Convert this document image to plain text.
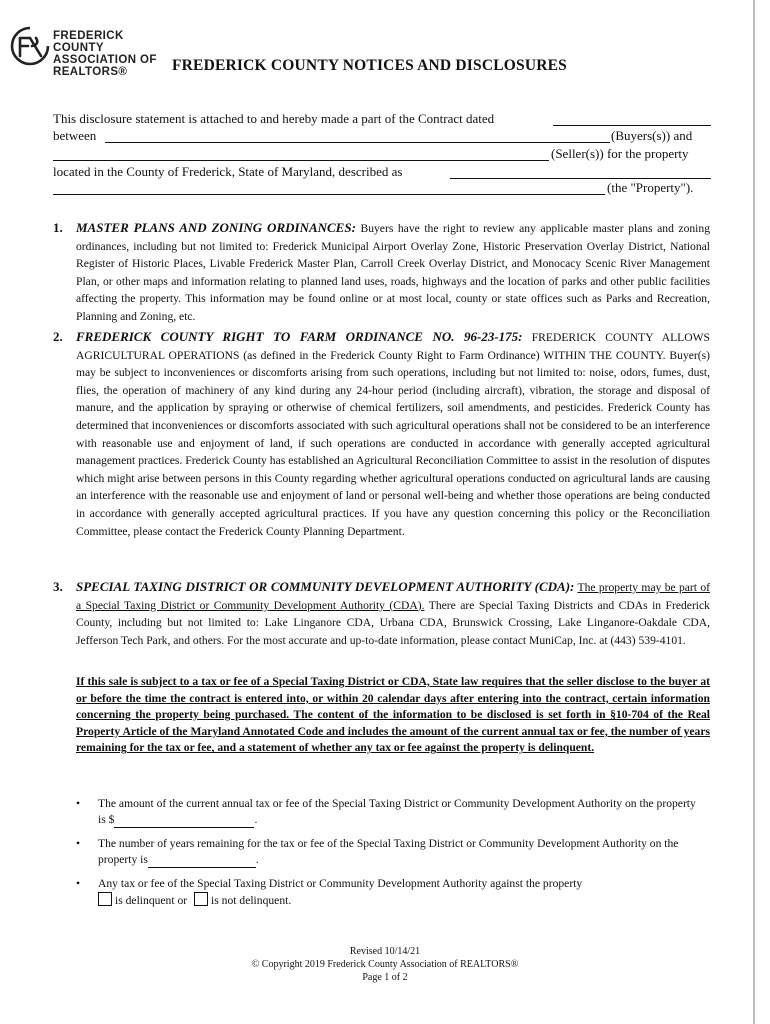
FREDERICK
COUNTY
ASSOCIATION OF
REALTORS®	FREDERICK COUNTY NOTICES AND DISCLOSURES
This disclosure statement is attached to and hereby made a part of the Contract dated
between	(Buyers(s)) and
(Seller(s)) for the property
located in the County of Frederick, State of Maryland, described as
(the "Property").
1. MASTER PLANS AND ZONING ORDINANCES: Buyers have the right to review any applicable master plans and zoning ordinances, including but not limited to: Frederick Municipal Airport Overlay Zone, Historic Preservation Overlay District, National Register of Historic Places, Livable Frederick Master Plan, Carroll Creek Overlay District, and Monocacy Scenic River Management Plan, or other maps and information relating to planned land uses, roads, highways and the location of parks and other public facilities affecting the property. This information may be found online or at most local, county or state offices such as Parks and Recreation, Planning and Zoning, etc.
2. FREDERICK COUNTY RIGHT TO FARM ORDINANCE NO. 96-23-175: FREDERICK COUNTY ALLOWS AGRICULTURAL OPERATIONS (as defined in the Frederick County Right to Farm Ordinance) WITHIN THE COUNTY. Buyer(s) may be subject to inconveniences or discomforts arising from such operations, including but not limited to: noise, odors, fumes, dust, flies, the operation of machinery of any kind during any 24-hour period (including aircraft), vibration, the storage and disposal of manure, and the application by spraying or otherwise of chemical fertilizers, soil amendments, and pesticides. Frederick County has determined that inconveniences or discomforts associated with such agricultural operations shall not be considered to be an interference with reasonable use and enjoyment of land, if such operations are conducted in accordance with generally accepted agricultural management practices. Frederick County has established an Agricultural Reconciliation Committee to assist in the resolution of disputes which might arise between persons in this County regarding whether agricultural operations conducted on agricultural lands are causing an interference with the reasonable use and enjoyment of land or personal well-being and whether those operations are being conducted in accordance with generally accepted agricultural practices. If you have any question concerning this policy or the Reconciliation Committee, please contact the Frederick County Planning Department.
3. SPECIAL TAXING DISTRICT OR COMMUNITY DEVELOPMENT AUTHORITY (CDA): The property may be part of a Special Taxing District or Community Development Authority (CDA). There are Special Taxing Districts and CDAs in Frederick County, including but not limited to: Lake Linganore CDA, Urbana CDA, Brunswick Crossing, Lake Linganore-Oakdale CDA, Jefferson Tech Park, and others. For the most accurate and up-to-date information, please contact MuniCap, Inc. at (443) 539-4101.
If this sale is subject to a tax or fee of a Special Taxing District or CDA, State law requires that the seller disclose to the buyer at or before the time the contract is entered into, or within 20 calendar days after entering into the contract, certain information concerning the property being purchased. The content of the information to be disclosed is set forth in §10-704 of the Real Property Article of the Maryland Annotated Code and includes the amount of the current annual tax or fee, the number of years remaining for the tax or fee, and a statement of whether any tax or fee against the property is delinquent.
• The amount of the current annual tax or fee of the Special Taxing District or Community Development Authority on the property is $	.
• The number of years remaining for the tax or fee of the Special Taxing District or Community Development Authority on the property is	.
• Any tax or fee of the Special Taxing District or Community Development Authority against the property
is delinquent or is not delinquent.
Revised 10/14/21
© Copyright 2019 Frederick County Association of REALTORS®
Page 1 of 2
